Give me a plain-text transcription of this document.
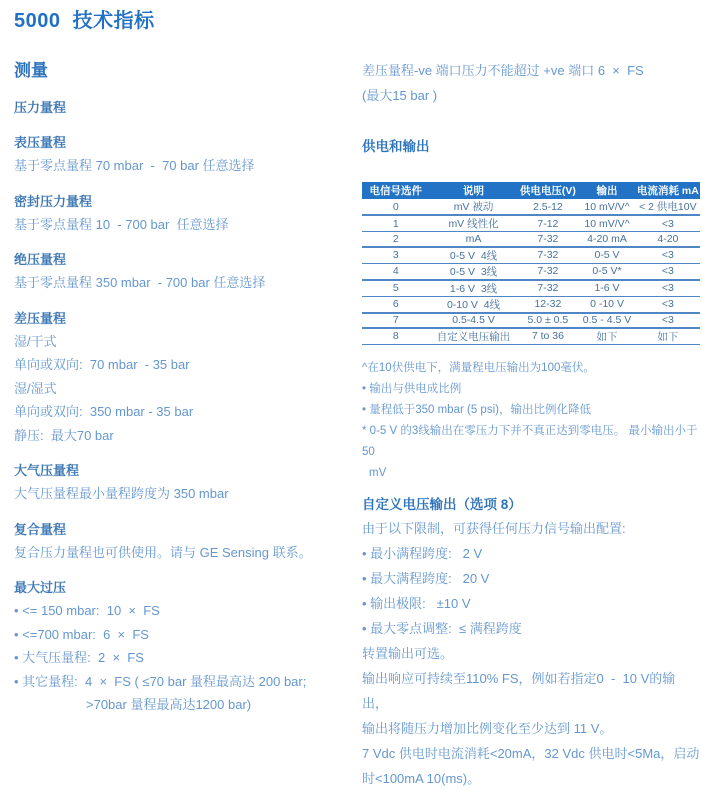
5000  技术指标
测量
压力量程
表压量程
基于零点量程 70 mbar  -  70 bar 任意选择
密封压力量程
基于零点量程 10  - 700 bar  任意选择
绝压量程
基于零点量程 350 mbar  - 700 bar 任意选择
差压量程
湿/干式
单向或双向:  70 mbar  - 35 bar
湿/湿式
单向或双向:  350 mbar - 35 bar
静压:  最大70 bar
大气压量程
大气压量程最小量程跨度为 350 mbar
复合量程
复合压力量程也可供使用。请与 GE Sensing 联系。
最大过压
• <= 150 mbar:  10  ×  FS
• <=700 mbar:  6  ×  FS
• 大气压量程:  2  ×  FS
• 其它量程:  4  ×  FS ( ≤70 bar 量程最高达 200 bar;
>70bar 量程最高达1200 bar)
差压量程-ve 端口压力不能超过 +ve 端口 6  ×  FS
(最大15 bar )
供电和输出
电信号选件	说明	供电电压(V)	输出	电流消耗 mA
0	mV 被动	2.5-12	10 mV/V^	< 2 供电10V
1	mV 线性化	7-12	10 mV/V^	<3
2	mA	7-32	4-20 mA	4-20
3	0-5 V  4线	7-32	0-5 V	<3
4	0-5 V  3线	7-32	0-5 V*	<3
5	1-6 V  3线	7-32	1-6 V	<3
6	0-10 V  4线	12-32	0 -10 V	<3
7	0.5-4.5 V	5.0 ± 0.5	0.5 - 4.5 V	<3
8	自定义电压输出	7 to 36	如下	如下
^在10伏供电下，满量程电压输出为100毫伏。
• 输出与供电成比例
• 量程低于350 mbar (5 psi)，输出比例化降低
* 0-5 V 的3线输出在零压力下并不真正达到零电压。 最小输出小于50
mV
自定义电压输出（选项 8）
由于以下限制，可获得任何压力信号输出配置:
• 最小满程跨度:   2 V
• 最大满程跨度:   20 V
• 输出极限:   ±10 V
• 最大零点调整:  ≤ 满程跨度
转置输出可选。
输出响应可持续至110% FS，例如若指定0  -  10 V的输出，
输出将随压力增加比例变化至少达到 11 V。
7 Vdc 供电时电流消耗<20mA，32 Vdc 供电时<5Ma，启动
时<100mA 10(ms)。
